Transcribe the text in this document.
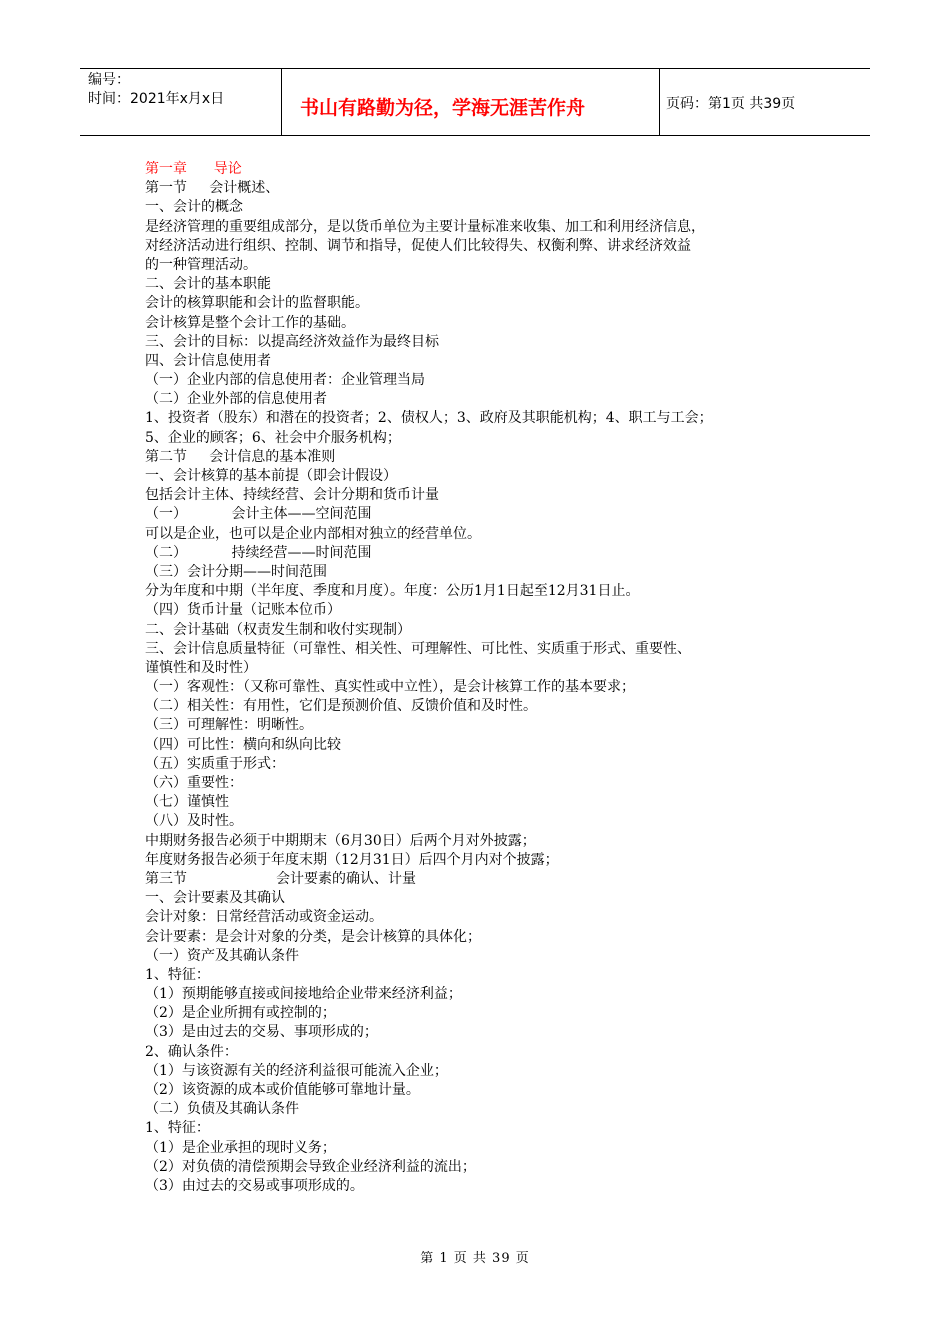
编号：
时间：2021年x月x日	书山有路勤为径，学海无涯苦作舟	页码：第1页 共39页
第一章      导论
第一节     会计概述、
一、会计的概念
是经济管理的重要组成部分，是以货币单位为主要计量标准来收集、加工和利用经济信息，
对经济活动进行组织、控制、调节和指导，促使人们比较得失、权衡利弊、讲求经济效益
的一种管理活动。
二、会计的基本职能
会计的核算职能和会计的监督职能。
会计核算是整个会计工作的基础。
三、会计的目标：以提高经济效益作为最终目标
四、会计信息使用者
（一）企业内部的信息使用者：企业管理当局
（二）企业外部的信息使用者
1、投资者（股东）和潜在的投资者；2、债权人；3、政府及其职能机构；4、职工与工会；
5、企业的顾客；6、社会中介服务机构；
第二节     会计信息的基本准则
一、会计核算的基本前提（即会计假设）
包括会计主体、持续经营、会计分期和货币计量
（一）          会计主体——空间范围
可以是企业，也可以是企业内部相对独立的经营单位。
（二）          持续经营——时间范围
（三）会计分期——时间范围
分为年度和中期（半年度、季度和月度）。年度：公历1月1日起至12月31日止。
（四）货币计量（记账本位币）
二、会计基础（权责发生制和收付实现制）
三、会计信息质量特征（可靠性、相关性、可理解性、可比性、实质重于形式、重要性、
谨慎性和及时性）
（一）客观性：（又称可靠性、真实性或中立性），是会计核算工作的基本要求；
（二）相关性：有用性，它们是预测价值、反馈价值和及时性。
（三）可理解性：明晰性。
（四）可比性：横向和纵向比较
（五）实质重于形式：
（六）重要性：
（七）谨慎性
（八）及时性。
中期财务报告必须于中期期末（6月30日）后两个月对外披露；
年度财务报告必须于年度末期（12月31日）后四个月内对个披露；
第三节                    会计要素的确认、计量
一、会计要素及其确认
会计对象：日常经营活动或资金运动。
会计要素：是会计对象的分类，是会计核算的具体化；
（一）资产及其确认条件
1、特征：
（1）预期能够直接或间接地给企业带来经济利益；
（2）是企业所拥有或控制的；
（3）是由过去的交易、事项形成的；
2、确认条件：
（1）与该资源有关的经济利益很可能流入企业；
（2）该资源的成本或价值能够可靠地计量。
（二）负债及其确认条件
1、特征：
（1）是企业承担的现时义务；
（2）对负债的清偿预期会导致企业经济利益的流出；
（3）由过去的交易或事项形成的。
第 1 页 共 39 页
